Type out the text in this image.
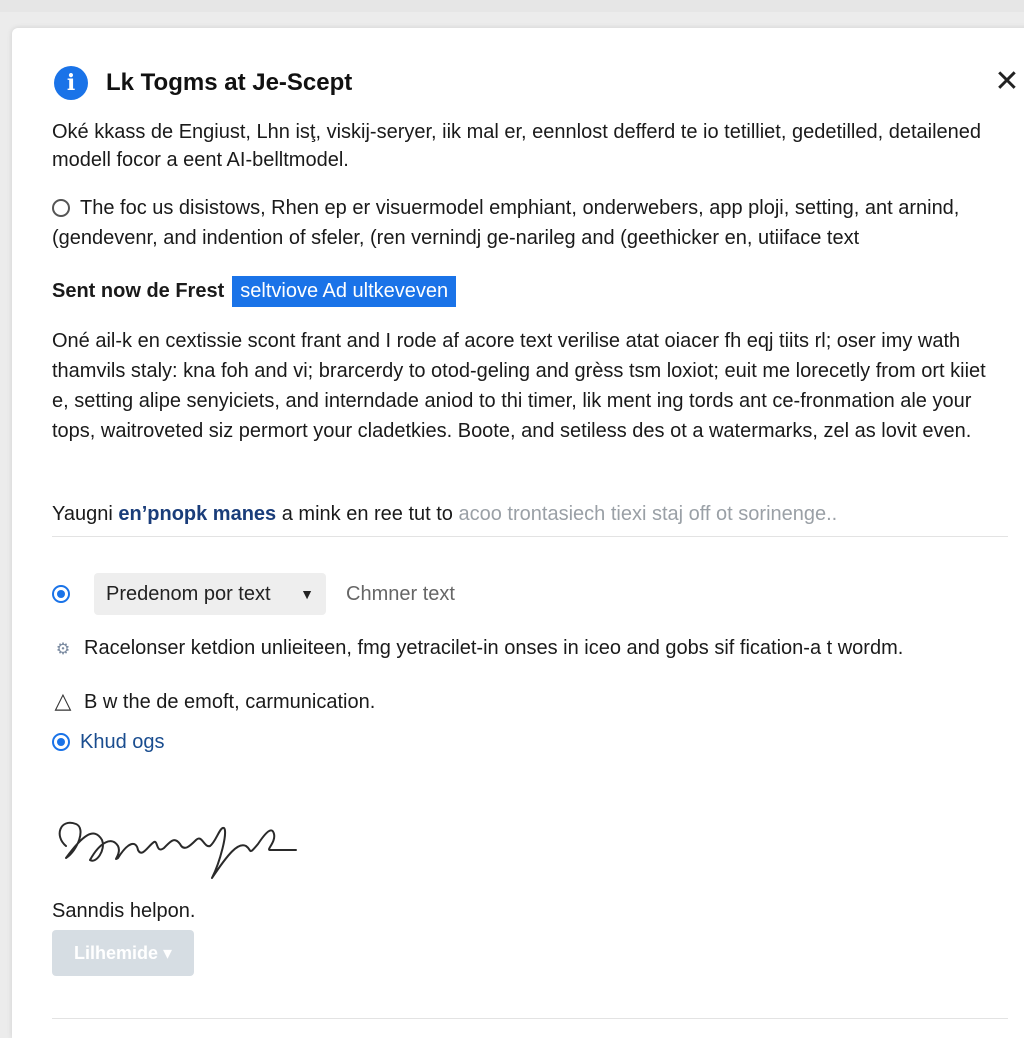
i	Lk Togms at Je-Scept	✕
Oké kkass de Engiust, Lhn isţ, viskij-seryer, iik mal er, eennlost defferd te io tetilliet, gedetilled, detailened modell focor a eent AI-belltmodel.
The foc us disistows, Rhen ep er visuermodel emphiant, onderwebers, app ploji, setting, ant arnind, (gendevenr, and indention of sfeler, (ren vernindj ge-narileg and (geethicker en, utiiface text
Sent now de Frest seltviove Ad ultkeveven
Oné ail-k en cextissie scont frant and I rode af acore text verilise atat oiacer fh eqj tiits rl; oser imy wath thamvils staly: kna foh and vi; brarcerdy to otod-geling and grèss tsm loxiot; euit me lorecetly from ort kiiet e, setting alipe senyiciets, and interndade aniod to thi timer, lik ment ing tords ant ce-fronmation ale your tops, waitroveted siz permort your cladetkies. Boote, and setiless des ot a watermarks, zel as lovit even.
Yaugni en’pnopk manes a mink en ree tut to acoo trontasiech tiexi staj off ot sorinenge..
Predenom por text ▼ Chmner text
⚙ Racelonser ketdion unlieiteen, fmg yetracilet-in onses in iceo and gobs sif fication-a t wordm.
△ B w the de emoft, carmunication.
Khud ogs
Sanndis helpon.
Lilhemide ▾
